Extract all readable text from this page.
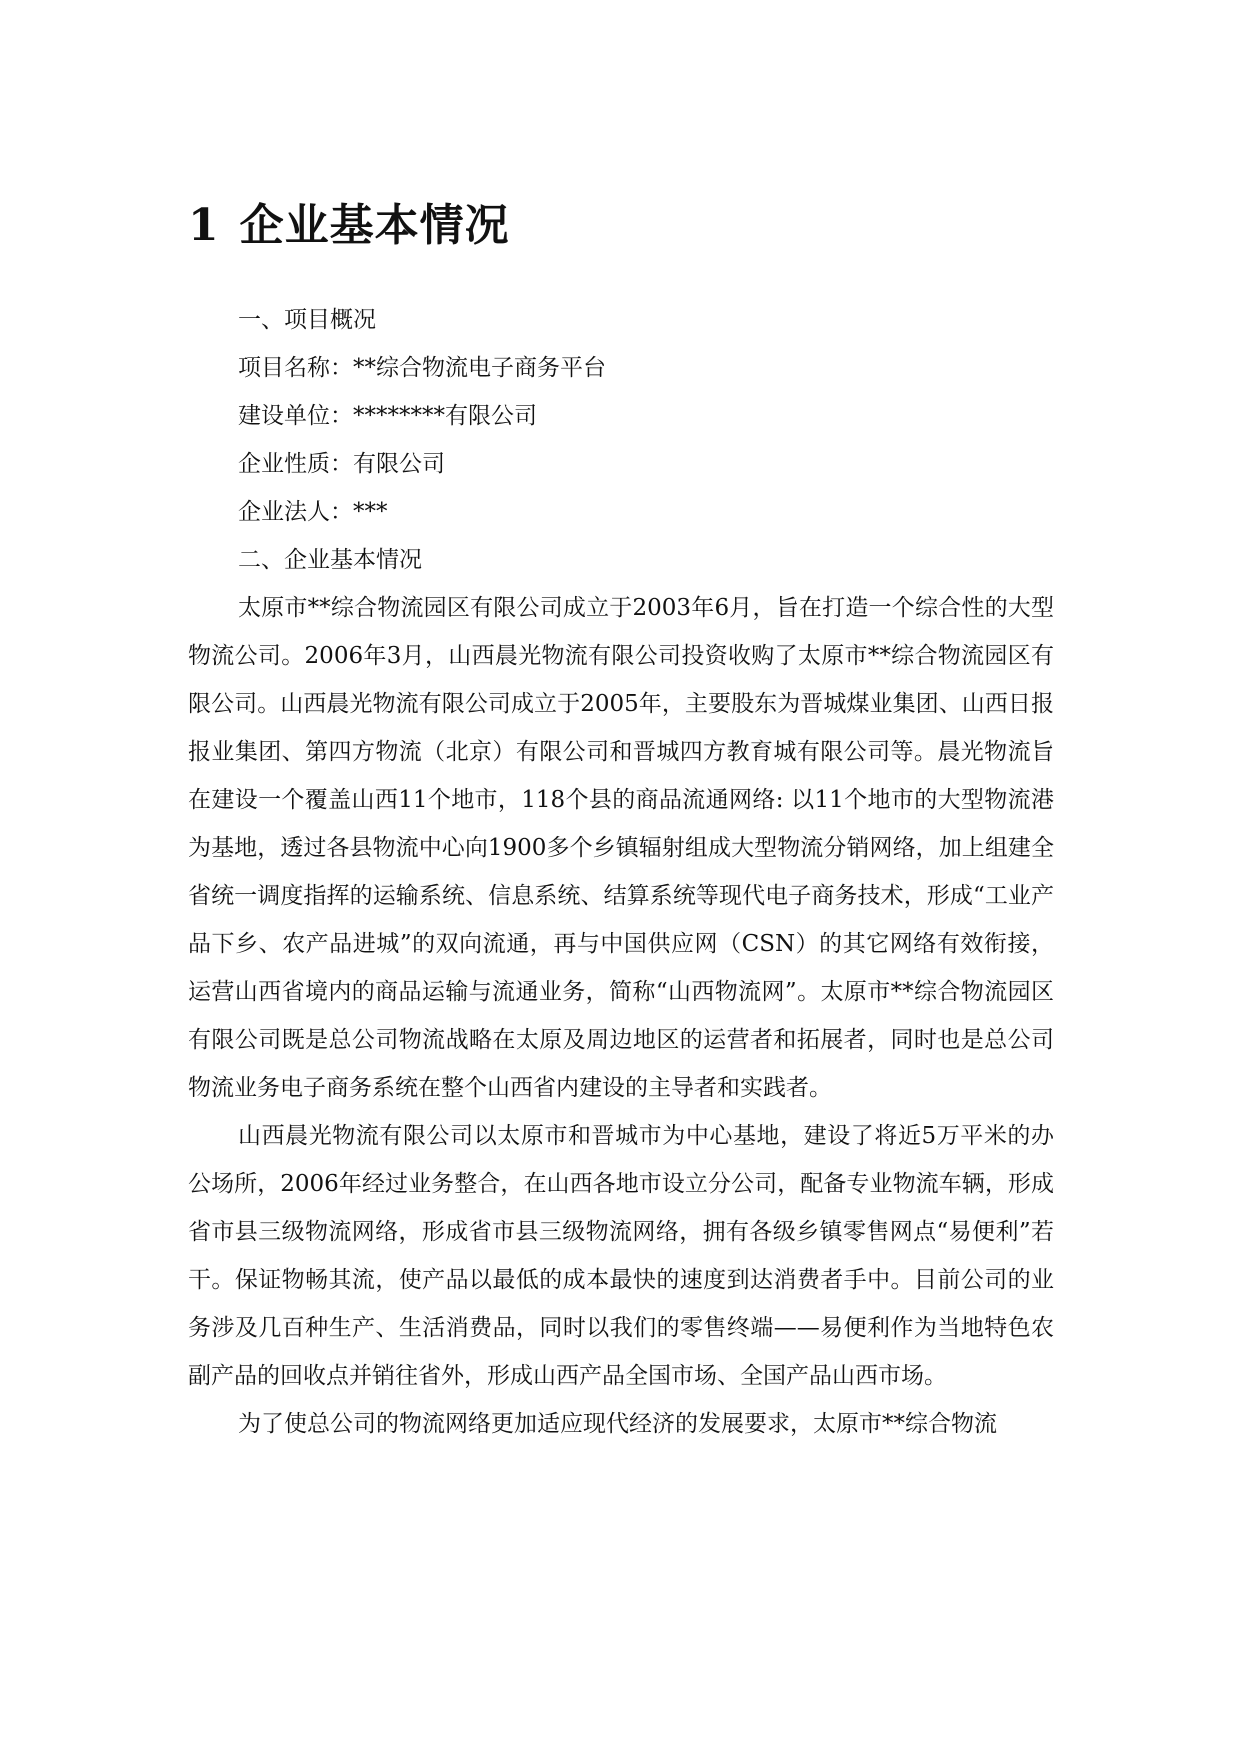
1 企业基本情况

一、项目概况

项目名称：**综合物流电子商务平台

建设单位：********有限公司

企业性质：有限公司

企业法人：***

二、企业基本情况

太原市**综合物流园区有限公司成立于2003年6月，旨在打造一个综合性的大型物流公司。2006年3月，山西晨光物流有限公司投资收购了太原市**综合物流园区有限公司。山西晨光物流有限公司成立于2005年，主要股东为晋城煤业集团、山西日报报业集团、第四方物流（北京）有限公司和晋城四方教育城有限公司等。晨光物流旨在建设一个覆盖山西11个地市，118个县的商品流通网络: 以11个地市的大型物流港为基地，透过各县物流中心向1900多个乡镇辐射组成大型物流分销网络，加上组建全省统一调度指挥的运输系统、信息系统、结算系统等现代电子商务技术，形成“工业产品下乡、农产品进城”的双向流通，再与中国供应网（CSN）的其它网络有效衔接，运营山西省境内的商品运输与流通业务，简称“山西物流网”。太原市**综合物流园区有限公司既是总公司物流战略在太原及周边地区的运营者和拓展者，同时也是总公司物流业务电子商务系统在整个山西省内建设的主导者和实践者。

山西晨光物流有限公司以太原市和晋城市为中心基地，建设了将近5万平米的办公场所，2006年经过业务整合，在山西各地市设立分公司，配备专业物流车辆，形成省市县三级物流网络，形成省市县三级物流网络，拥有各级乡镇零售网点“易便利”若干。保证物畅其流，使产品以最低的成本最快的速度到达消费者手中。目前公司的业务涉及几百种生产、生活消费品，同时以我们的零售终端——易便利作为当地特色农副产品的回收点并销往省外，形成山西产品全国市场、全国产品山西市场。

为了使总公司的物流网络更加适应现代经济的发展要求，太原市**综合物流
